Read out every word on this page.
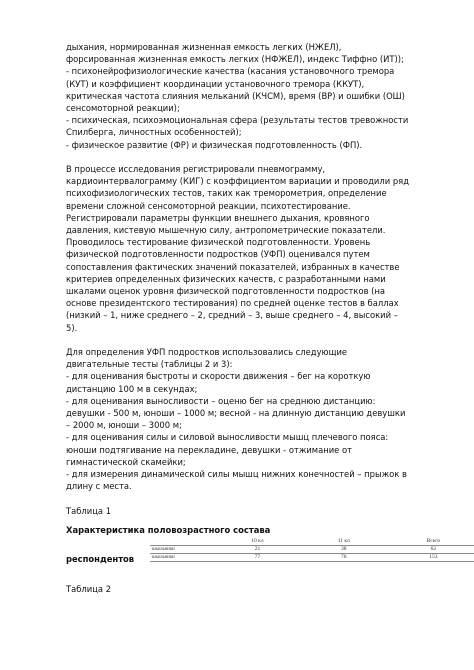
дыхания, нормированная жизненная емкость легких (НЖЕЛ), форсированная жизненная емкость легких (НФЖЕЛ), индекс Тиффно (ИТ));
- психонейрофизиологические качества (касания установочного тремора (КУТ) и коэффициент координации установочного тремора (ККУТ), критическая частота слияния мельканий (КЧСМ), время (ВР) и ошибки (ОШ) сенсомоторной реакции);
- психическая, психоэмоциональная сфера (результаты тестов тревожности Спилберга, личностных особенностей);
- физическое развитие (ФР) и физическая подготовленность (ФП).

В процессе исследования регистрировали пневмограмму, кардиоинтервалограмму (КИГ) с коэффициентом вариации и проводили ряд психофизиологических тестов, таких как треморометрия, определение времени сложной сенсомоторной реакции, психотестирование.
Регистрировали параметры функции внешнего дыхания, кровяного давления, кистевую мышечную силу, антропометрические показатели. Проводилось тестирование физической подготовленности. Уровень физической подготовленности подростков (УФП) оценивался путем сопоставления фактических значений показателей, избранных в качестве критериев определенных физических качеств, с разработанными нами шкалами оценок уровня физической подготовленности подростков (на основе президентского тестирования) по средней оценке тестов в баллах (низкий – 1, ниже среднего – 2, средний – 3, выше среднего – 4, высокий – 5).

Для определения УФП подростков использовались следующие двигательные тесты (таблицы 2 и 3):
- для оценивания быстроты и скорости движения – бег на короткую дистанцию 100 м в секундах;
- для оценивания выносливости – оценю бег на среднюю дистанцию: девушки - 500 м, юноши – 1000 м; весной - на длинную дистанцию девушки – 2000 м, юноши – 3000 м;
- для оценивания силы и силовой выносливости мышц плечевого пояса: юноши подтягивание на перекладине, девушки - отжимание от гимнастической скамейки;
- для измерения динамической силы мышц нижних конечностей – прыжок в длину с места.

Таблица 1

Характеристика половозрастного состава
респондентов
	10 кл	11 кл	Всего
школьники	21	38	62
школьники	77	76	153

Таблица 2
